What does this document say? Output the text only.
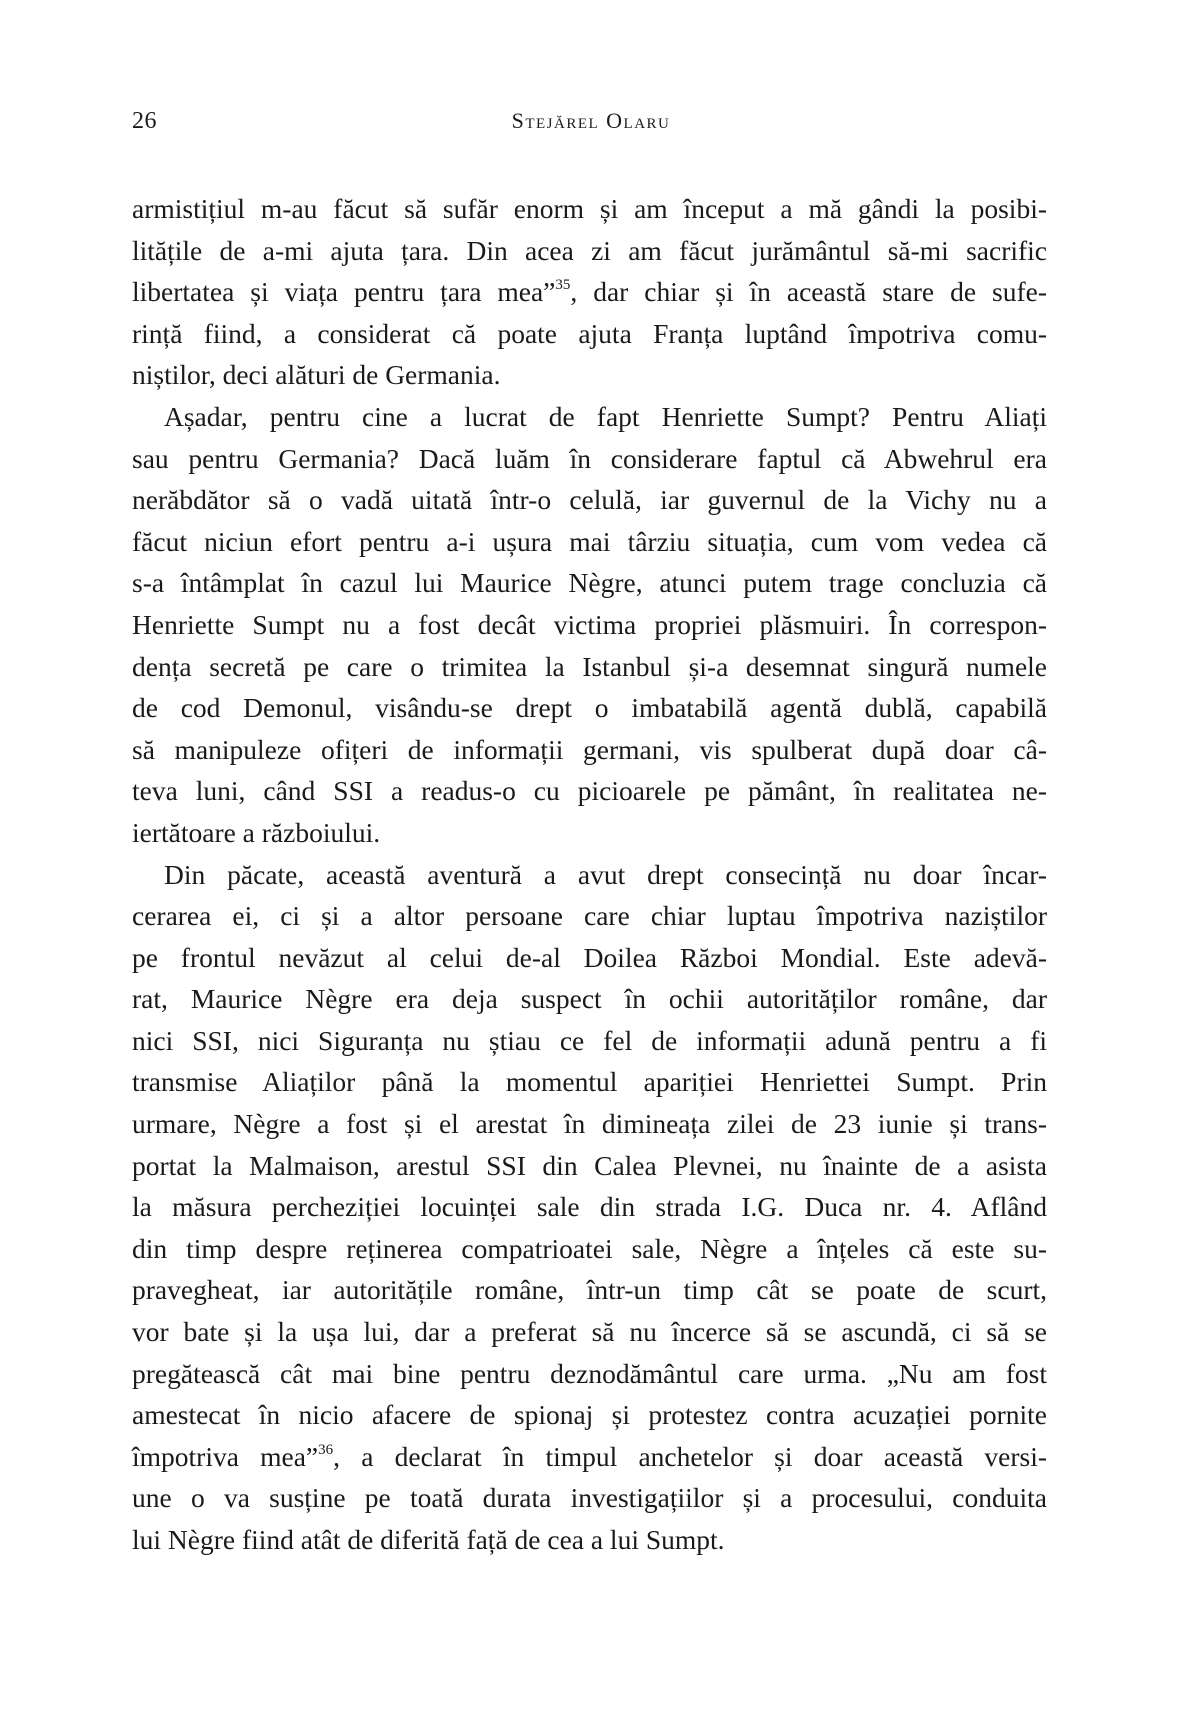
26	Stejărel Olaru
armistițiul m-au făcut să sufăr enorm și am început a mă gândi la posibi-
litățile de a-mi ajuta țara. Din acea zi am făcut jurământul să-mi sacrific
libertatea și viața pentru țara mea”$^{35}$, dar chiar și în această stare de sufe-
rință fiind, a considerat că poate ajuta Franța luptând împotriva comu-
niștilor, deci alături de Germania.
Așadar, pentru cine a lucrat de fapt Henriette Sumpt? Pentru Aliați
sau pentru Germania? Dacă luăm în considerare faptul că Abwehrul era
nerăbdător să o vadă uitată într-o celulă, iar guvernul de la Vichy nu a
făcut niciun efort pentru a-i ușura mai târziu situația, cum vom vedea că
s-a întâmplat în cazul lui Maurice Nègre, atunci putem trage concluzia că
Henriette Sumpt nu a fost decât victima propriei plăsmuiri. În correspon-
dența secretă pe care o trimitea la Istanbul și-a desemnat singură numele
de cod Demonul, visându-se drept o imbatabilă agentă dublă, capabilă
să manipuleze ofițeri de informații germani, vis spulberat după doar câ-
teva luni, când SSI a readus-o cu picioarele pe pământ, în realitatea ne-
iertătoare a războiului.
Din păcate, această aventură a avut drept consecință nu doar încar-
cerarea ei, ci și a altor persoane care chiar luptau împotriva naziștilor
pe frontul nevăzut al celui de-al Doilea Război Mondial. Este adevă-
rat, Maurice Nègre era deja suspect în ochii autorităților române, dar
nici SSI, nici Siguranța nu știau ce fel de informații adună pentru a fi
transmise Aliaților până la momentul apariției Henriettei Sumpt. Prin
urmare, Nègre a fost și el arestat în dimineața zilei de 23 iunie și trans-
portat la Malmaison, arestul SSI din Calea Plevnei, nu înainte de a asista
la măsura percheziției locuinței sale din strada I.G. Duca nr. 4. Aflând
din timp despre reținerea compatrioatei sale, Nègre a înțeles că este su-
pravegheat, iar autoritățile române, într-un timp cât se poate de scurt,
vor bate și la ușa lui, dar a preferat să nu încerce să se ascundă, ci să se
pregătească cât mai bine pentru deznodământul care urma. „Nu am fost
amestecat în nicio afacere de spionaj și protestez contra acuzației pornite
împotriva mea”$^{36}$, a declarat în timpul anchetelor și doar această versi-
une o va susține pe toată durata investigațiilor și a procesului, conduita
lui Nègre fiind atât de diferită față de cea a lui Sumpt.
